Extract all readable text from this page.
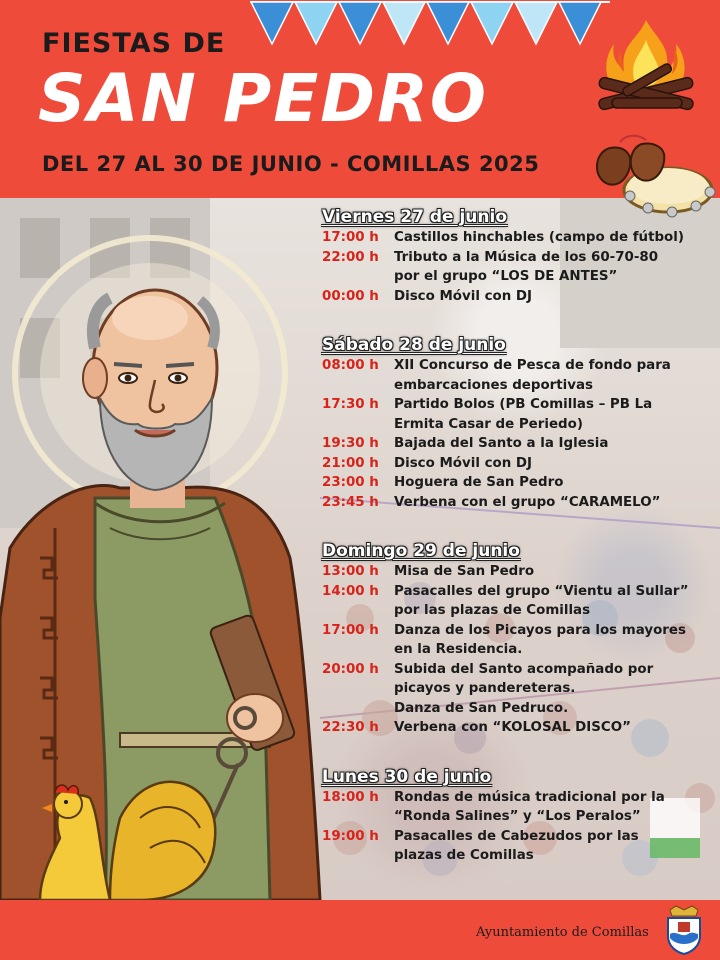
FIESTAS DE
SAN PEDRO
DEL 27 AL 30 DE JUNIO - COMILLAS 2025
Viernes 27 de junio
17:00 h	Castillos hinchables (campo de fútbol)
22:00 h	Tributo a la Música de los 60-70-80
por el grupo “LOS DE ANTES”
00:00 h	Disco Móvil con DJ
Sábado 28 de junio
08:00 h	XII Concurso de Pesca de fondo para
embarcaciones deportivas
17:30 h	Partido Bolos (PB Comillas – PB La
Ermita Casar de Periedo)
19:30 h	Bajada del Santo a la Iglesia
21:00 h	Disco Móvil con DJ
23:00 h	Hoguera de San Pedro
23:45 h	Verbena con el grupo “CARAMELO”
Domingo 29 de junio
13:00 h	Misa de San Pedro
14:00 h	Pasacalles del grupo “Vientu al Sullar”
por las plazas de Comillas
17:00 h	Danza de los Picayos para los mayores
en la Residencia.
20:00 h	Subida del Santo acompañado por
picayos y pandereteras.
Danza de San Pedruco.
22:30 h	Verbena con “KOLOSAL DISCO”
Lunes 30 de junio
18:00 h	Rondas de música tradicional por la
“Ronda Salines” y “Los Peralos”
19:00 h	Pasacalles de Cabezudos por las
plazas de Comillas
Ayuntamiento de Comillas
